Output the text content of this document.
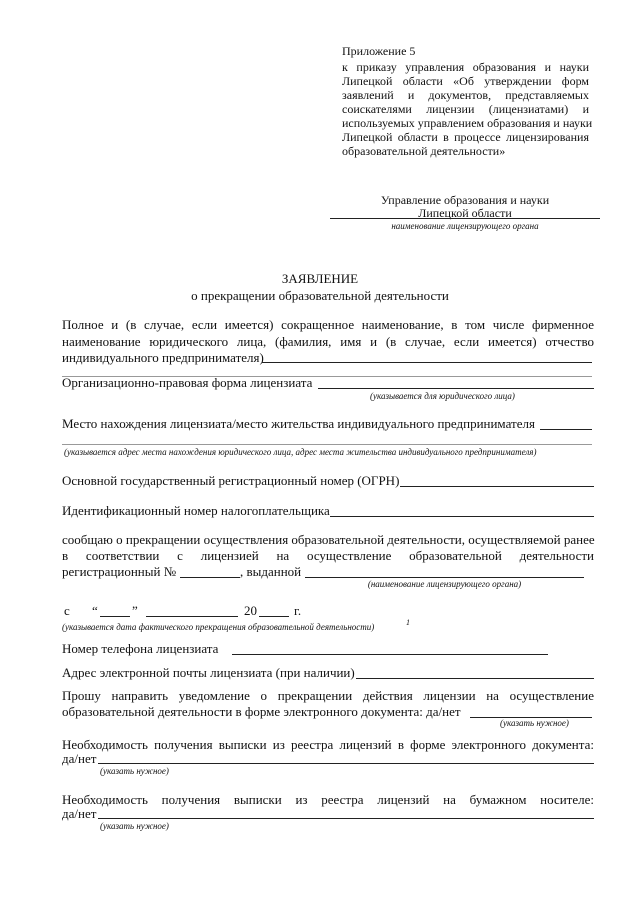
Приложение 5
к приказу управления образования и науки
Липецкой области «Об утверждении форм
заявлений и документов, представляемых
соискателями лицензии (лицензиатами) и
используемых управлением образования и науки
Липецкой области в процессе лицензирования
образовательной деятельности»
Управление образования и науки
Липецкой области
наименование лицензирующего органа
ЗАЯВЛЕНИЕ
о прекращении образовательной деятельности
Полное и (в случае, если имеется) сокращенное наименование, в том числе фирменное
наименование юридического лица, (фамилия, имя и (в случае, если имеется) отчество
индивидуального предпринимателя)
Организационно-правовая форма лицензиата
(указывается для юридического лица)
Место нахождения лицензиата/место жительства индивидуального предпринимателя
(указывается адрес места нахождения юридического лица, адрес места жительства индивидуального предпринимателя)
Основной государственный регистрационный номер (ОГРН)
Идентификационный номер налогоплательщика
сообщаю о прекращении осуществления образовательной деятельности, осуществляемой ранее
в соответствии с лицензией на осуществление образовательной деятельности
регистрационный №	, выданной
(наименование лицензирующего органа)
с “	”	20	г.
(указывается дата фактического прекращения образовательной деятельности)	1
Номер телефона лицензиата
Адрес электронной почты лицензиата (при наличии)
Прошу направить уведомление о прекращении действия лицензии на осуществление
образовательной деятельности в форме электронного документа: да/нет
(указать нужное)
Необходимость получения выписки из реестра лицензий в форме электронного документа:
да/нет
(указать нужное)
Необходимость получения выписки из реестра лицензий на бумажном носителе:
да/нет
(указать нужное)
